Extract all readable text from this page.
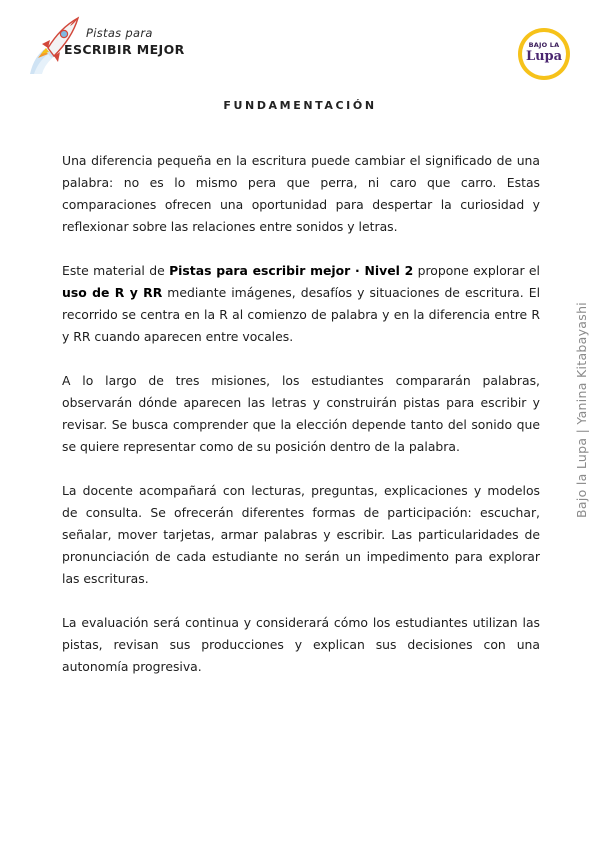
Pistas para
ESCRIBIR MEJOR	BAJO LA
Lupa
FUNDAMENTACIÓN

Una diferencia pequeña en la escritura puede cambiar el significado de una palabra: no es lo mismo pera que perra, ni caro que carro. Estas comparaciones ofrecen una oportunidad para despertar la curiosidad y reflexionar sobre las relaciones entre sonidos y letras.

Este material de Pistas para escribir mejor · Nivel 2 propone explorar el uso de R y RR mediante imágenes, desafíos y situaciones de escritura. El recorrido se centra en la R al comienzo de palabra y en la diferencia entre R y RR cuando aparecen entre vocales.

A lo largo de tres misiones, los estudiantes compararán palabras, observarán dónde aparecen las letras y construirán pistas para escribir y revisar. Se busca comprender que la elección depende tanto del sonido que se quiere representar como de su posición dentro de la palabra.

La docente acompañará con lecturas, preguntas, explicaciones y modelos de consulta. Se ofrecerán diferentes formas de participación: escuchar, señalar, mover tarjetas, armar palabras y escribir. Las particularidades de pronunciación de cada estudiante no serán un impedimento para explorar las escrituras.

La evaluación será continua y considerará cómo los estudiantes utilizan las pistas, revisan sus producciones y explican sus decisiones con una autonomía progresiva.

Bajo la Lupa | Yanina Kitabayashi
